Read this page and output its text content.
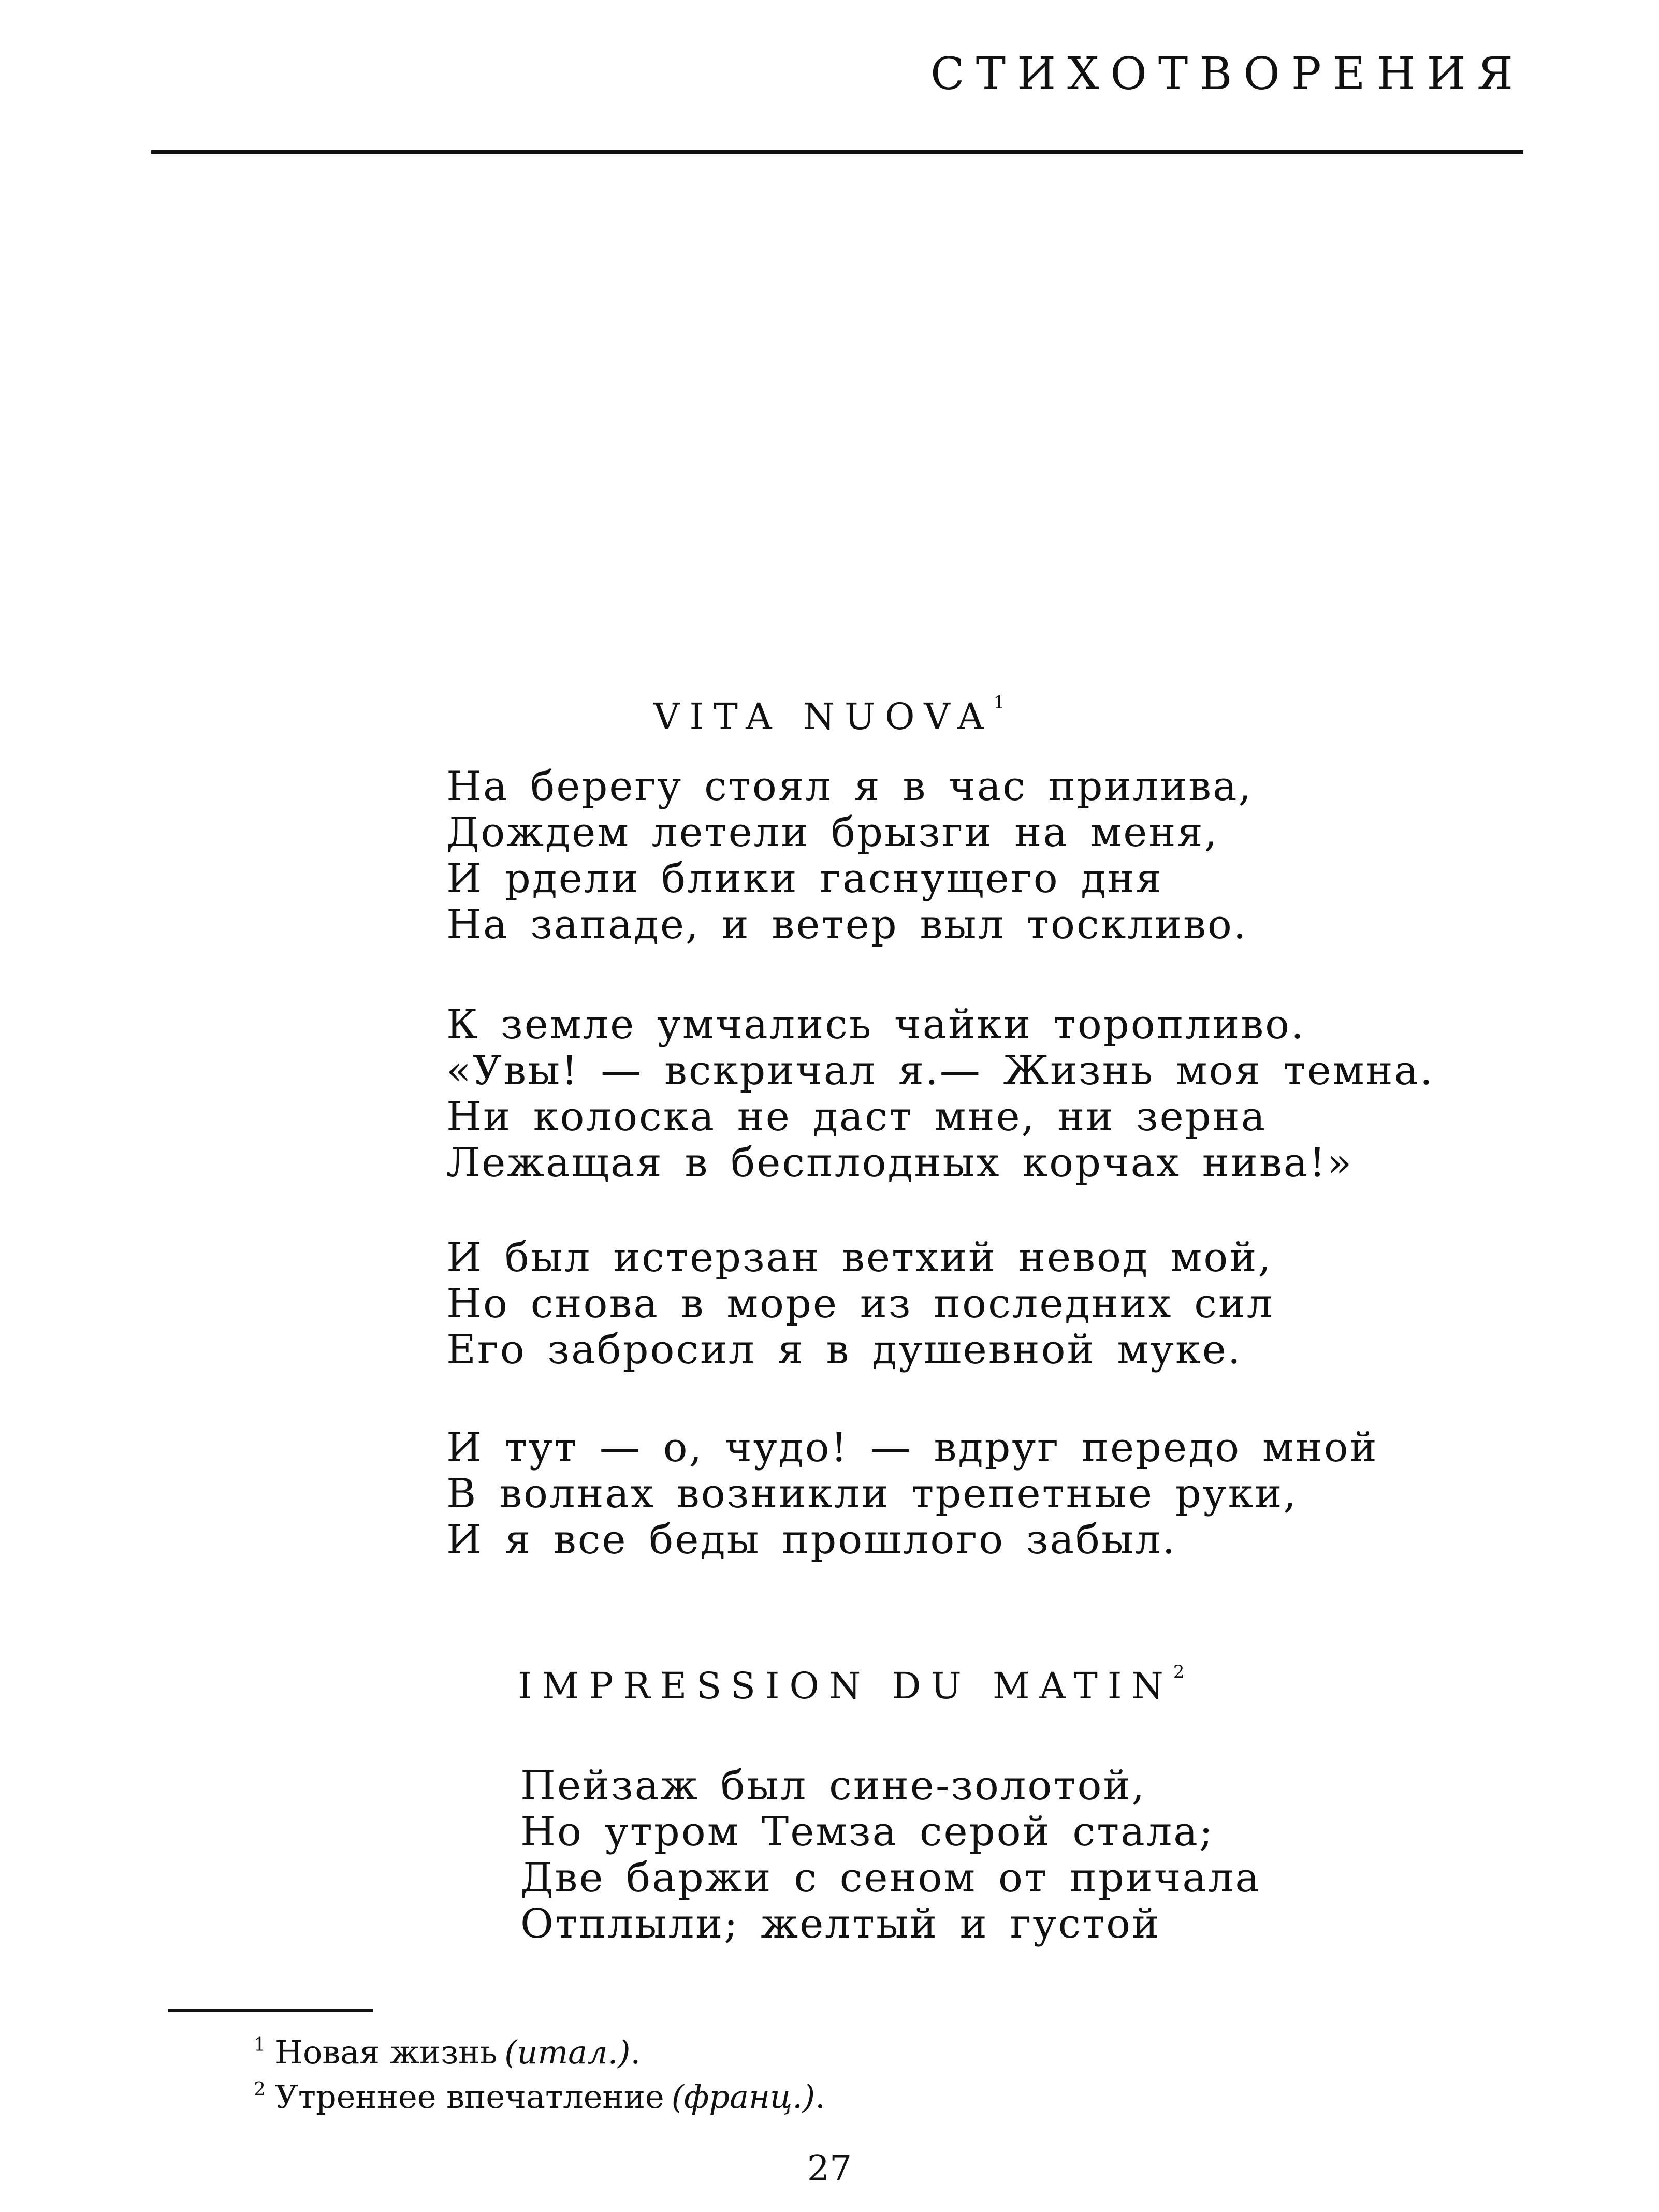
СТИХОТВОРЕНИЯ
VITA NUOVA$^1$
На берегу стоял я в час прилива,
Дождем летели брызги на меня,
И рдели блики гаснущего дня
На западе, и ветер выл тоскливо.
К земле умчались чайки торопливо.
«Увы! — вскричал я.— Жизнь моя темна.
Ни колоска не даст мне, ни зерна
Лежащая в бесплодных корчах нива!»
И был истерзан ветхий невод мой,
Но снова в море из последних сил
Его забросил я в душевной муке.
И тут — о, чудо! — вдруг передо мной
В волнах возникли трепетные руки,
И я все беды прошлого забыл.
IMPRESSION DU MATIN$^2$
Пейзаж был сине-золотой,
Но утром Темза серой стала;
Две баржи с сеном от причала
Отплыли; желтый и густой
$^1$ Новая жизнь (итал.).
$^2$ Утреннее впечатление (франц.).
27
